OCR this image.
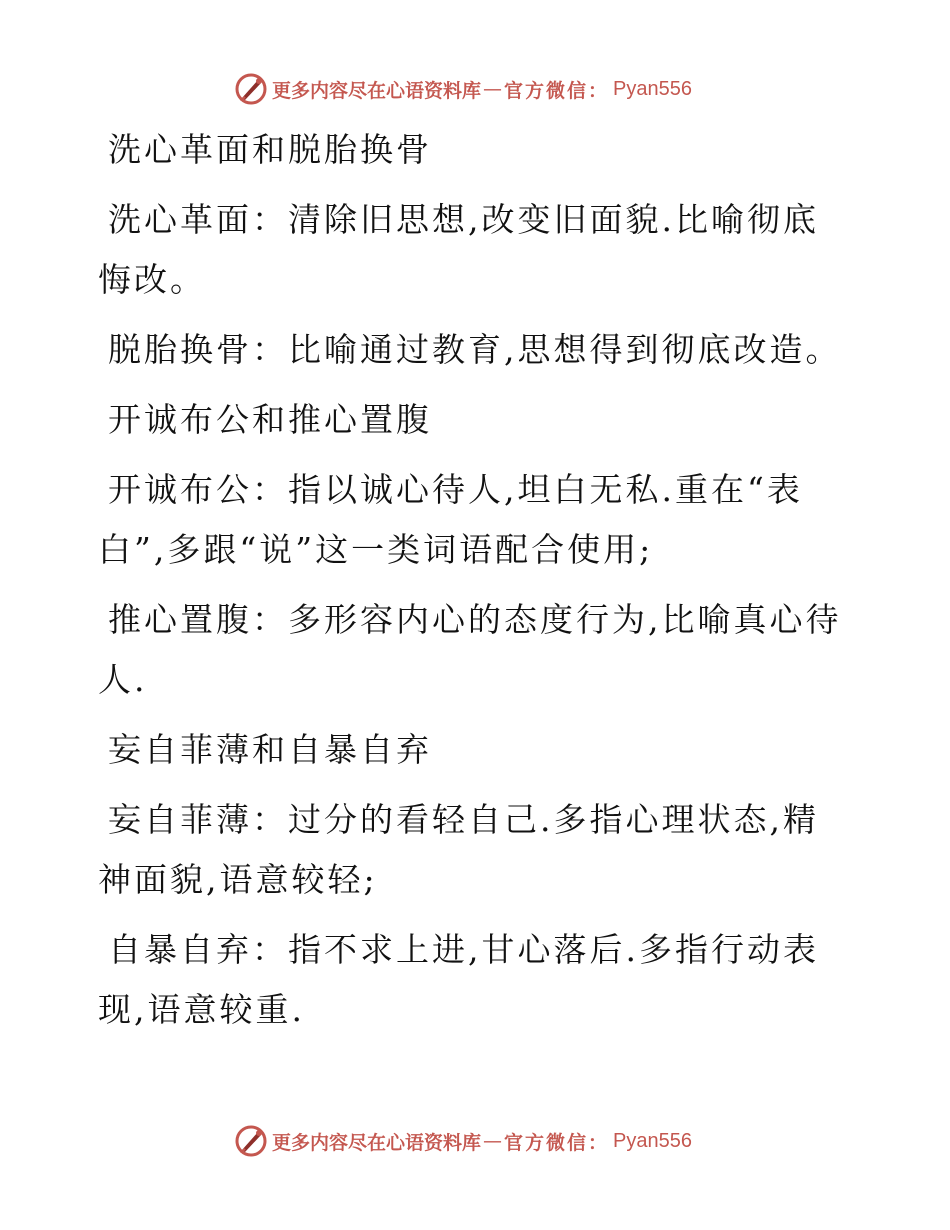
更多内容尽在心语资料库 — 官方微信： Pyan556

洗心革面和脱胎换骨

洗心革面：清除旧思想,改变旧面貌.比喻彻底悔改。

脱胎换骨：比喻通过教育,思想得到彻底改造。

开诚布公和推心置腹

开诚布公：指以诚心待人,坦白无私.重在“表白”,多跟“说”这一类词语配合使用;

推心置腹：多形容内心的态度行为,比喻真心待人.

妄自菲薄和自暴自弃

妄自菲薄：过分的看轻自己.多指心理状态,精神面貌,语意较轻;

自暴自弃：指不求上进,甘心落后.多指行动表现,语意较重.

更多内容尽在心语资料库 — 官方微信： Pyan556
